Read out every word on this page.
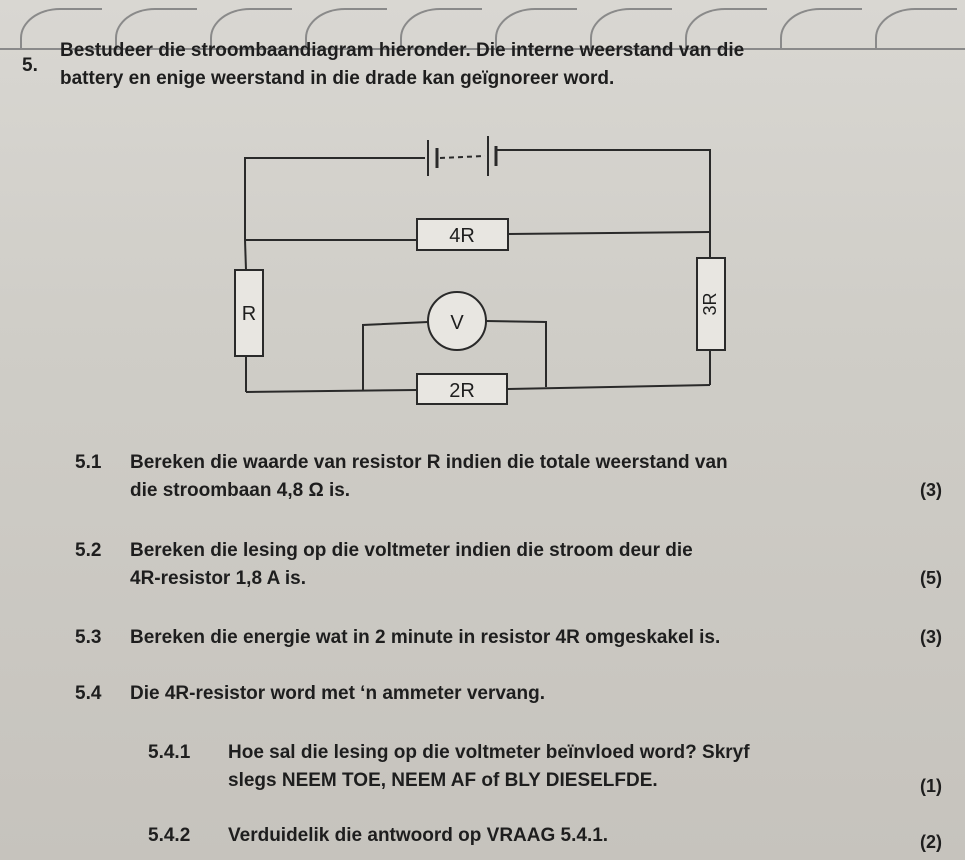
5.
Bestudeer die stroombaandiagram hieronder. Die interne weerstand van die
battery en enige weerstand in die drade kan geïgnoreer word.
4R
R	3R
2R
V
5.1 Bereken die waarde van resistor R indien die totale weerstand van
die stroombaan 4,8 Ω is.	(3)
5.2 Bereken die lesing op die voltmeter indien die stroom deur die
4R-resistor 1,8 A is.	(5)
5.3 Bereken die energie wat in 2 minute in resistor 4R omgeskakel is.	(3)
5.4 Die 4R-resistor word met ‘n ammeter vervang.
5.4.1 Hoe sal die lesing op die voltmeter beïnvloed word? Skryf
slegs NEEM TOE, NEEM AF of BLY DIESELFDE.	(1)
5.4.2 Verduidelik die antwoord op VRAAG 5.4.1.	(2)
